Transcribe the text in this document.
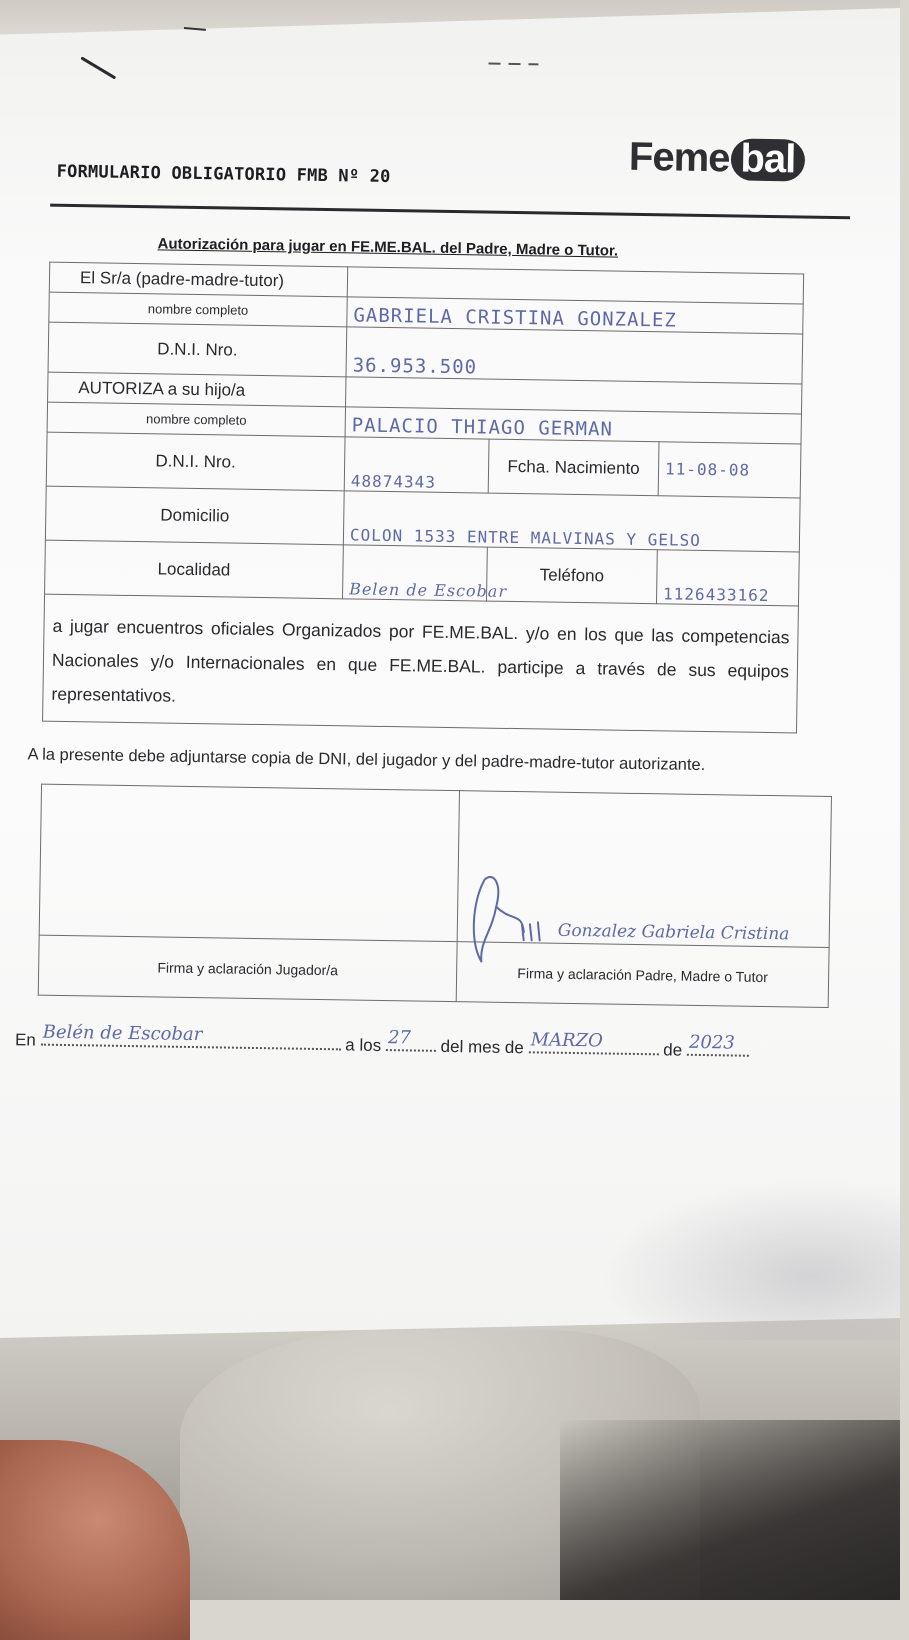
Feme bal
FORMULARIO OBLIGATORIO FMB Nº 20
Autorización para jugar en FE.ME.BAL. del Padre, Madre o Tutor.
El Sr/a (padre-madre-tutor)			
nombre completo	GABRIELA CRISTINA GONZALEZ		

D.N.I. Nro.	36.953.500		

AUTORIZA a su hijo/a			
nombre completo	PALACIO THIAGO GERMAN		

D.N.I. Nro.	48874343	Fcha. Nacimiento	11-08-08

Domicilio	COLON 1533 ENTRE MALVINAS Y GELSO		

Localidad	Belen de Escobar	Teléfono	1126433162

a jugar encuentros oficiales Organizados por FE.ME.BAL. y/o en los que las competencias Nacionales y/o Internacionales en que FE.ME.BAL. participe a través de sus equipos representativos.			
A la presente debe adjuntarse copia de DNI, del jugador y del padre-madre-tutor autorizante.

	Gonzalez Gabriela Cristina

Firma y aclaración Jugador/a	Firma y aclaración Padre, Madre o Tutor
En Belén de Escobar
a los 27 del mes de MARZO	de 2023
